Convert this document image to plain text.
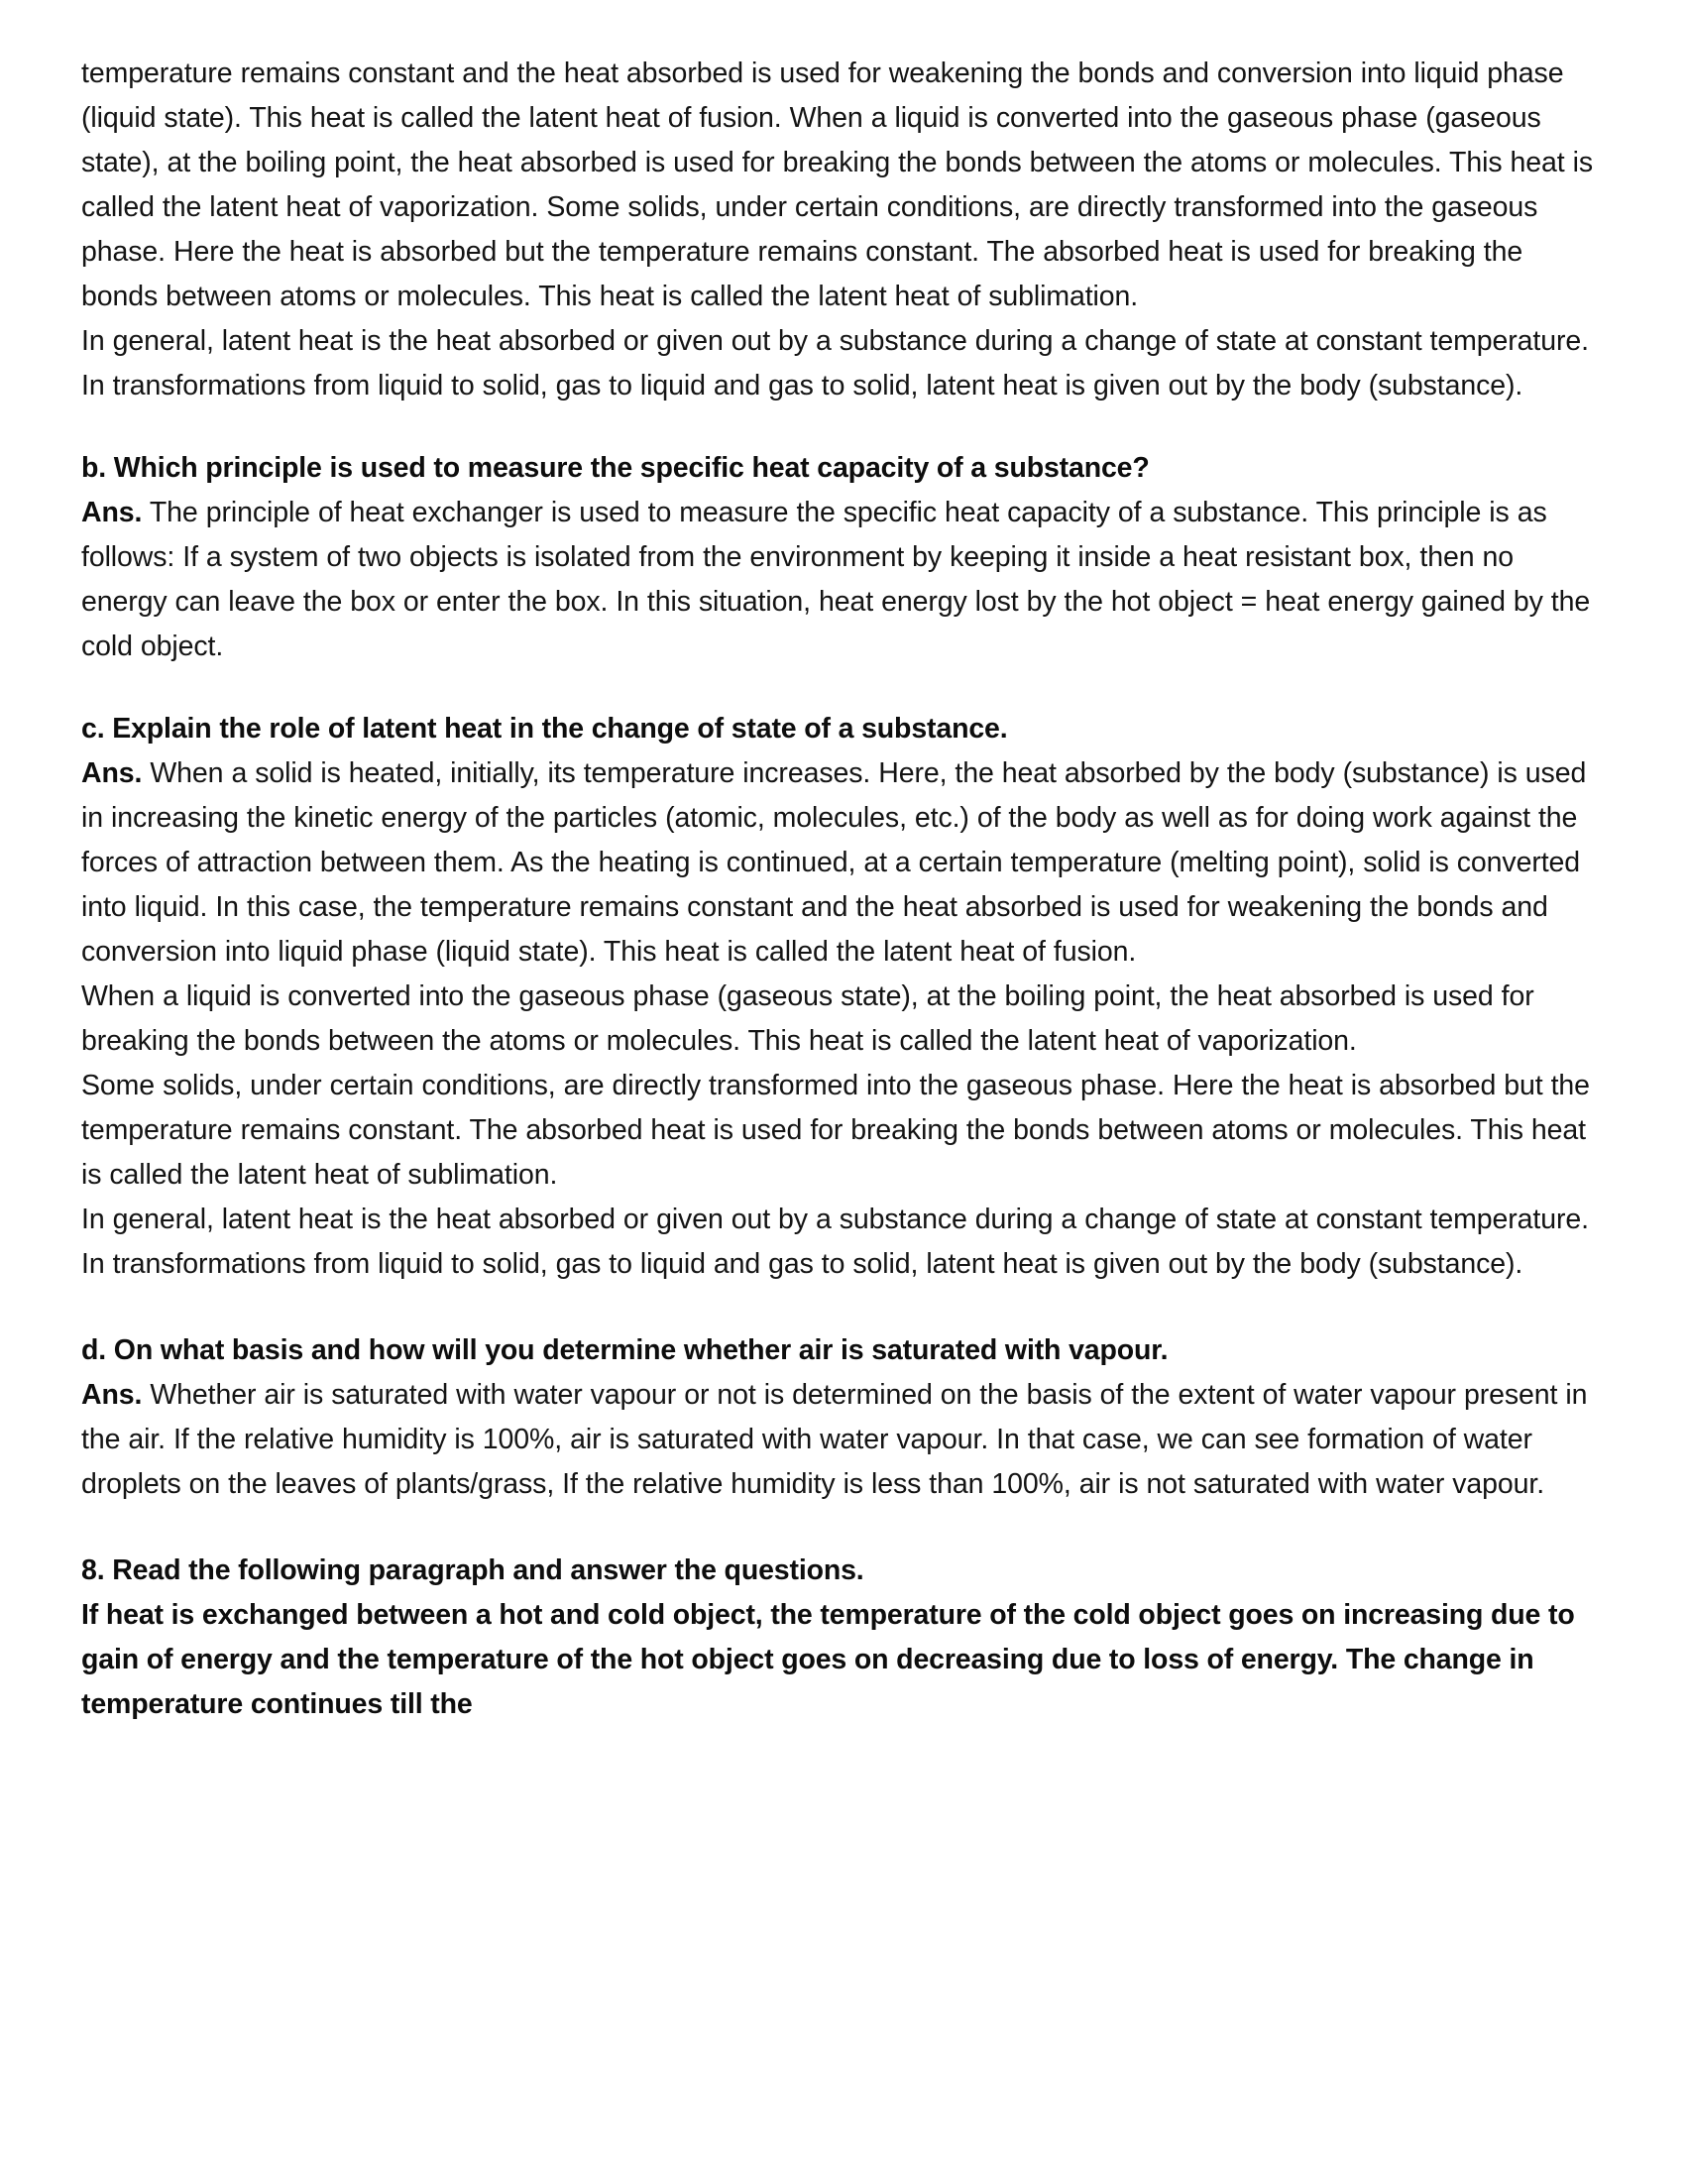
temperature remains constant and the heat absorbed is used for weakening the bonds and conversion into liquid phase (liquid state). This heat is called the latent heat of fusion. When a liquid is converted into the gaseous phase (gaseous state), at the boiling point, the heat absorbed is used for breaking the bonds between the atoms or molecules. This heat is called the latent heat of vaporization. Some solids, under certain conditions, are directly transformed into the gaseous phase. Here the heat is absorbed but the temperature remains constant. The absorbed heat is used for breaking the bonds between atoms or molecules. This heat is called the latent heat of sublimation.

In general, latent heat is the heat absorbed or given out by a substance during a change of state at constant temperature. In transformations from liquid to solid, gas to liquid and gas to solid, latent heat is given out by the body (substance).

b. Which principle is used to measure the specific heat capacity of a substance?

Ans. The principle of heat exchanger is used to measure the specific heat capacity of a substance. This principle is as follows: If a system of two objects is isolated from the environment by keeping it inside a heat resistant box, then no energy can leave the box or enter the box. In this situation, heat energy lost by the hot object = heat energy gained by the cold object.

c. Explain the role of latent heat in the change of state of a substance.

Ans. When a solid is heated, initially, its temperature increases. Here, the heat absorbed by the body (substance) is used in increasing the kinetic energy of the particles (atomic, molecules, etc.) of the body as well as for doing work against the forces of attraction between them. As the heating is continued, at a certain temperature (melting point), solid is converted into liquid. In this case, the temperature remains constant and the heat absorbed is used for weakening the bonds and conversion into liquid phase (liquid state). This heat is called the latent heat of fusion.

When a liquid is converted into the gaseous phase (gaseous state), at the boiling point, the heat absorbed is used for breaking the bonds between the atoms or molecules. This heat is called the latent heat of vaporization.

Some solids, under certain conditions, are directly transformed into the gaseous phase. Here the heat is absorbed but the temperature remains constant. The absorbed heat is used for breaking the bonds between atoms or molecules. This heat is called the latent heat of sublimation.

In general, latent heat is the heat absorbed or given out by a substance during a change of state at constant temperature.

In transformations from liquid to solid, gas to liquid and gas to solid, latent heat is given out by the body (substance).

d. On what basis and how will you determine whether air is saturated with vapour.

Ans. Whether air is saturated with water vapour or not is determined on the basis of the extent of water vapour present in the air. If the relative humidity is 100%, air is saturated with water vapour. In that case, we can see formation of water droplets on the leaves of plants/grass, If the relative humidity is less than 100%, air is not saturated with water vapour.

8. Read the following paragraph and answer the questions.

If heat is exchanged between a hot and cold object, the temperature of the cold object goes on increasing due to gain of energy and the temperature of the hot object goes on decreasing due to loss of energy. The change in temperature continues till the
